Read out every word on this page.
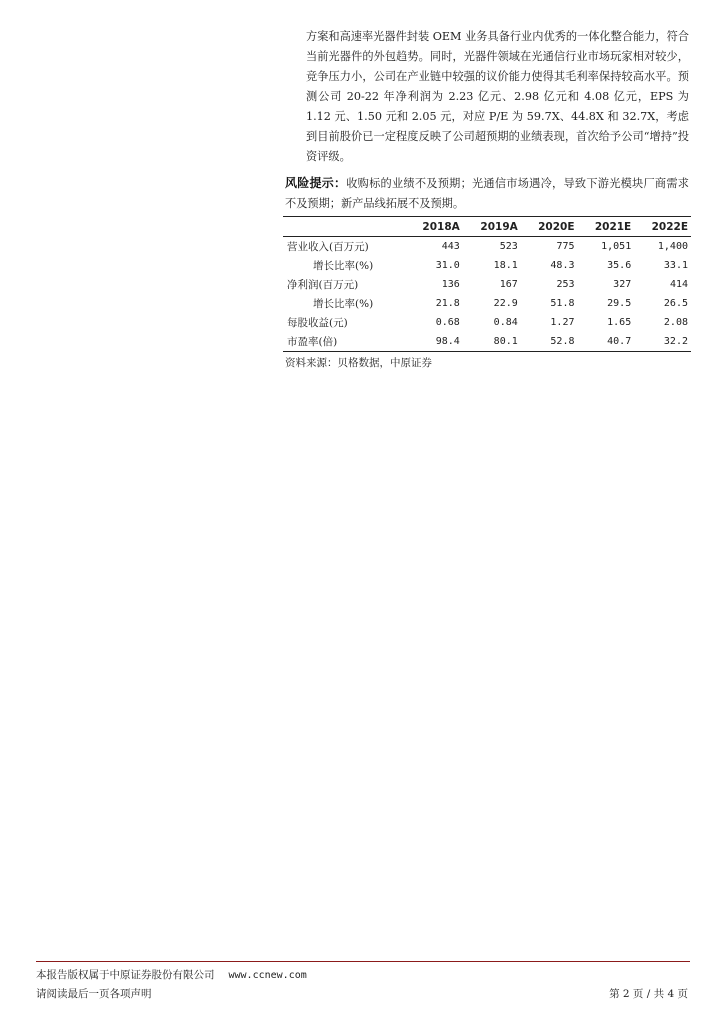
方案和高速率光器件封装 OEM 业务具备行业内优秀的一体化整合能力，符合当前光器件的外包趋势。同时，光器件领域在光通信行业市场玩家相对较少，竞争压力小，公司在产业链中较强的议价能力使得其毛利率保持较高水平。预测公司 20-22 年净利润为 2.23 亿元、2.98 亿元和 4.08 亿元，EPS 为 1.12 元、1.50 元和 2.05 元，对应 P/E 为 59.7X、44.8X 和 32.7X，考虑到目前股价已一定程度反映了公司超预期的业绩表现，首次给予公司“增持”投资评级。

风险提示：收购标的业绩不及预期；光通信市场遇冷，导致下游光模块厂商需求不及预期；新产品线拓展不及预期。
	2018A	2019A	2020E	2021E	2022E
营业收入(百万元)	443	523	775	1,051	1,400
增长比率(%)	31.0	18.1	48.3	35.6	33.1
净利润(百万元)	136	167	253	327	414
增长比率(%)	21.8	22.9	51.8	29.5	26.5
每股收益(元)	0.68	0.84	1.27	1.65	2.08
市盈率(倍)	98.4	80.1	52.8	40.7	32.2
资料来源：贝格数据，中原证券
本报告版权属于中原证券股份有限公司 www.ccnew.com
请阅读最后一页各项声明	第 2 页 / 共 4 页
